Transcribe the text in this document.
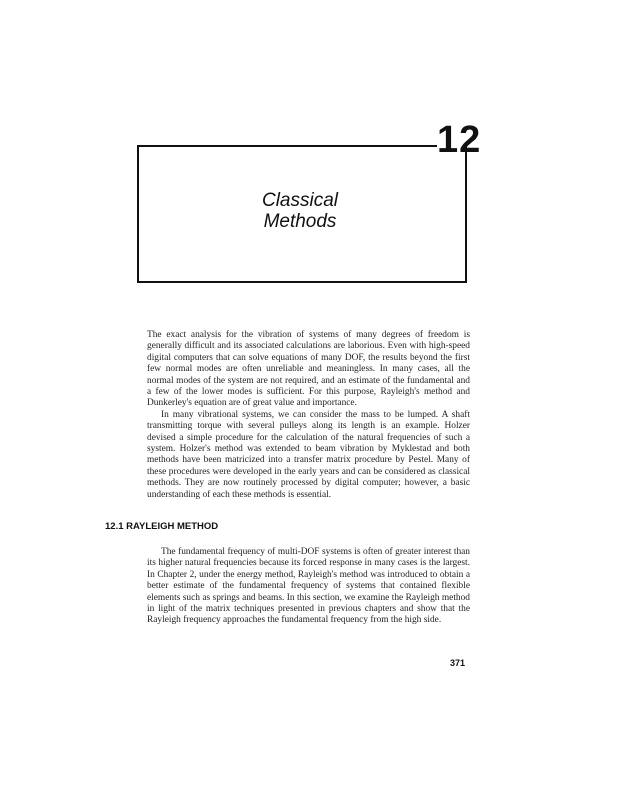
12
Classical
Methods

The exact analysis for the vibration of systems of many degrees of freedom is generally difficult and its associated calculations are laborious. Even with high-speed digital computers that can solve equations of many DOF, the results beyond the first few normal modes are often unreliable and meaningless. In many cases, all the normal modes of the system are not required, and an estimate of the fundamental and a few of the lower modes is sufficient. For this purpose, Rayleigh's method and Dunkerley's equation are of great value and importance.

In many vibrational systems, we can consider the mass to be lumped. A shaft transmitting torque with several pulleys along its length is an example. Holzer devised a simple procedure for the calculation of the natural frequencies of such a system. Holzer's method was extended to beam vibration by Myklestad and both methods have been matricized into a transfer matrix procedure by Pestel. Many of these procedures were developed in the early years and can be considered as classical methods. They are now routinely processed by digital computer; however, a basic understanding of each these methods is essential.

12.1 RAYLEIGH METHOD

The fundamental frequency of multi-DOF systems is often of greater interest than its higher natural frequencies because its forced response in many cases is the largest. In Chapter 2, under the energy method, Rayleigh's method was introduced to obtain a better estimate of the fundamental frequency of systems that contained flexible elements such as springs and beams. In this section, we examine the Rayleigh method in light of the matrix techniques presented in previous chapters and show that the Rayleigh frequency approaches the fundamental frequency from the high side.

371
